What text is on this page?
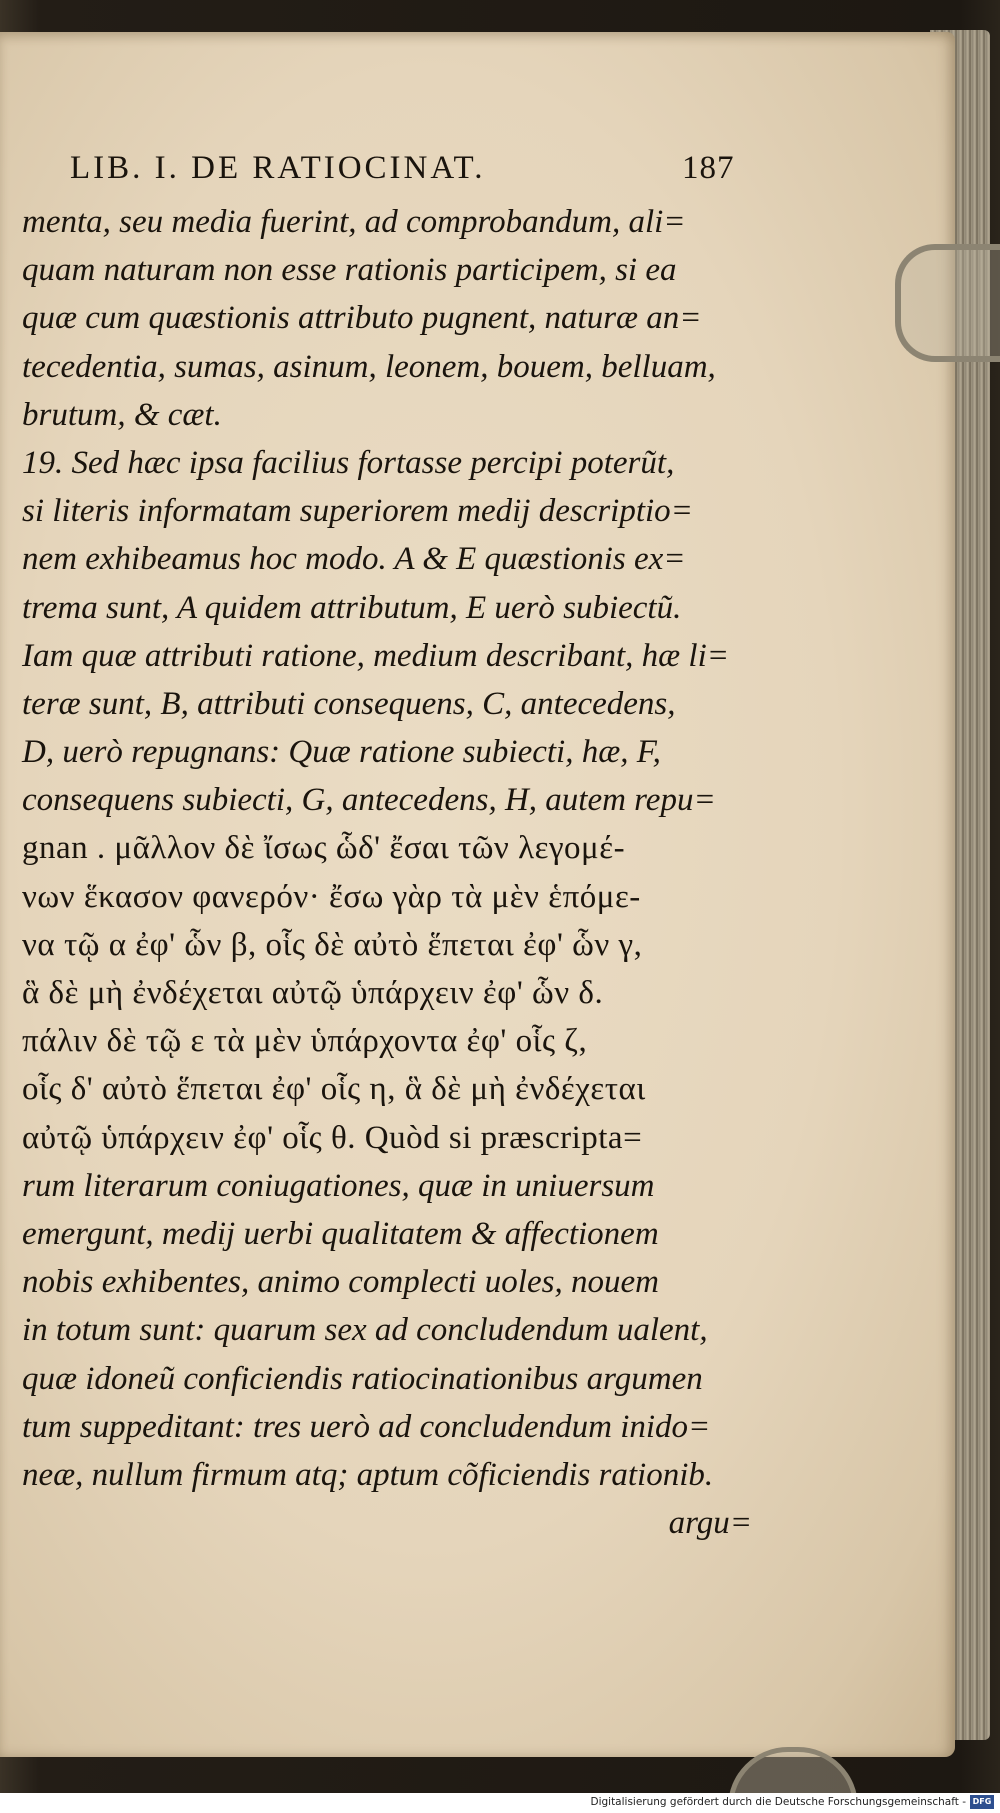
LIB. I. DE RATIOCINAT.	187
menta, seu media fuerint, ad comprobandum, ali=
quam naturam non esse rationis participem, si ea
quæ cum quæstionis attributo pugnent, naturæ an=
tecedentia, sumas, asinum, leonem, bouem, belluam,
brutum, & cæt.
19. Sed hæc ipsa facilius fortasse percipi poterũt,
si literis informatam superiorem medij descriptio=
nem exhibeamus hoc modo. A & E quæstionis ex=
trema sunt, A quidem attributum, E uerò subiectũ.
Iam quæ attributi ratione, medium describant, hæ li=
teræ sunt, B, attributi consequens, C, antecedens,
D, uerò repugnans: Quæ ratione subiecti, hæ, F,
consequens subiecti, G, antecedens, H, autem repu=
gnan . μᾶλλον δὲ ἴσως ὧδ' ἔσαι τῶν λεγομέ-
νων ἕκασον φανερόν· ἔσω γὰρ τὰ μὲν ἑπόμε-
να τῷ α ἐφ' ὧν β, οἷς δὲ αὐτὸ ἕπεται ἐφ' ὧν γ,
ἃ δὲ μὴ ἐνδέχεται αὐτῷ ὑπάρχειν ἐφ' ὧν δ.
πάλιν δὲ τῷ ε τὰ μὲν ὑπάρχοντα ἐφ' οἷς ζ,
οἷς δ' αὐτὸ ἕπεται ἐφ' οἷς η, ἃ δὲ μὴ ἐνδέχεται
αὐτῷ ὑπάρχειν ἐφ' οἷς θ. Quòd si præscripta=
rum literarum coniugationes, quæ in uniuersum
emergunt, medij uerbi qualitatem & affectionem
nobis exhibentes, animo complecti uoles, nouem
in totum sunt: quarum sex ad concludendum ualent,
quæ idoneũ conficiendis ratiocinationibus argumen
tum suppeditant: tres uerò ad concludendum inido=
neæ, nullum firmum atq; aptum cõficiendis rationib.
argu=
Digitalisierung gefördert durch die Deutsche Forschungsgemeinschaft - DFG
